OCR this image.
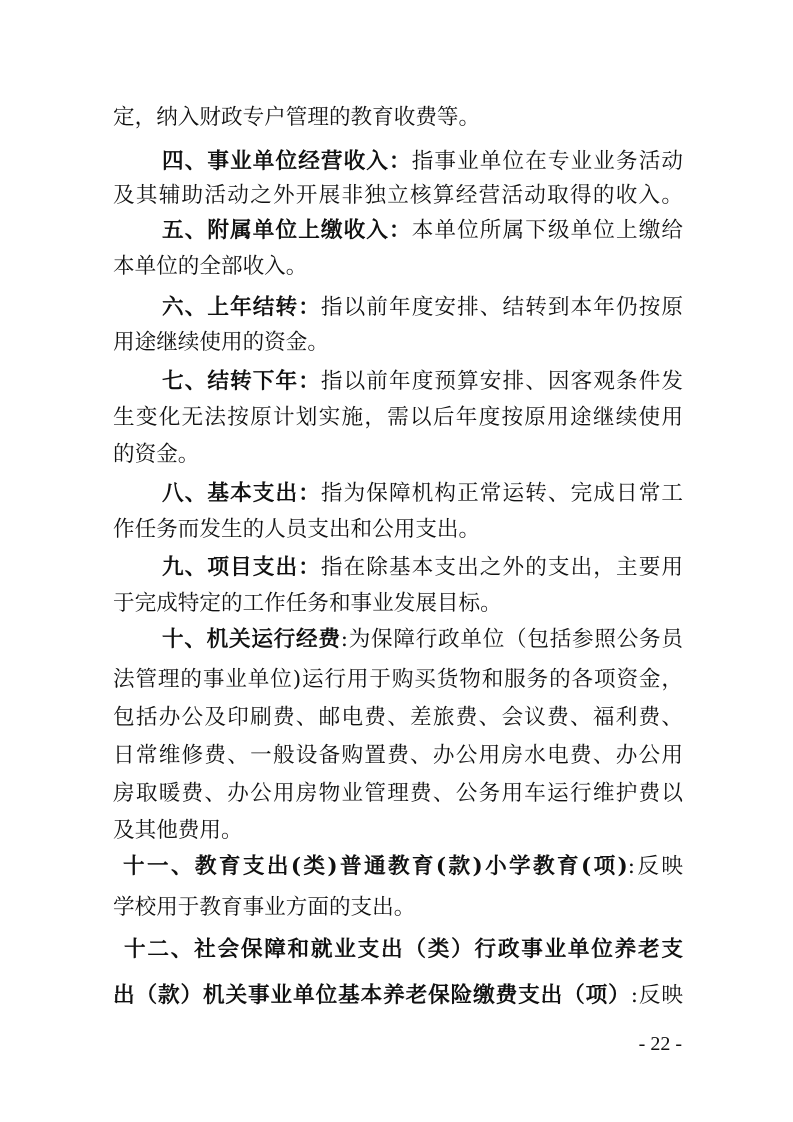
定，纳入财政专户管理的教育收费等。
四、事业单位经营收入：指事业单位在专业业务活动
及其辅助活动之外开展非独立核算经营活动取得的收入。
五、附属单位上缴收入：本单位所属下级单位上缴给
本单位的全部收入。
六、上年结转：指以前年度安排、结转到本年仍按原
用途继续使用的资金。
七、结转下年：指以前年度预算安排、因客观条件发
生变化无法按原计划实施，需以后年度按原用途继续使用
的资金。
八、基本支出：指为保障机构正常运转、完成日常工
作任务而发生的人员支出和公用支出。
九、项目支出：指在除基本支出之外的支出，主要用
于完成特定的工作任务和事业发展目标。
十、机关运行经费:为保障行政单位（包括参照公务员
法管理的事业单位)运行用于购买货物和服务的各项资金，
包括办公及印刷费、邮电费、差旅费、会议费、福利费、
日常维修费、一般设备购置费、办公用房水电费、办公用
房取暖费、办公用房物业管理费、公务用车运行维护费以
及其他费用。
十一、教育支出(类)普通教育(款)小学教育(项):反映
学校用于教育事业方面的支出。
十二、社会保障和就业支出（类）行政事业单位养老支
出（款）机关事业单位基本养老保险缴费支出（项）:反映
- 22 -
